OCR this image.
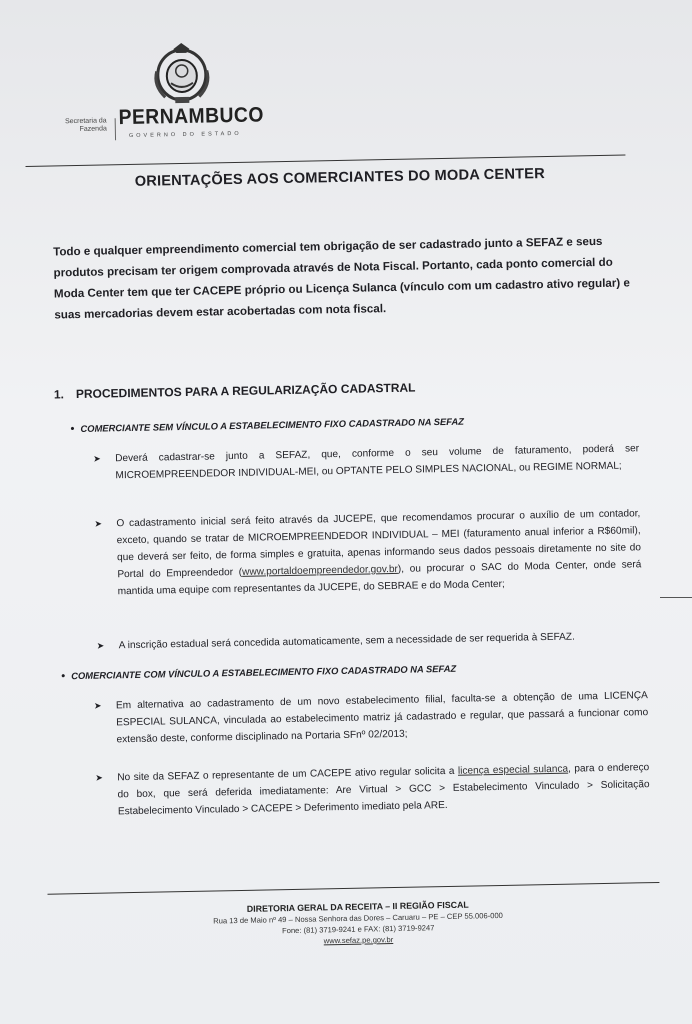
Secretaria da Fazenda PERNAMBUCO
GOVERNO DO ESTADO
ORIENTAÇÕES AOS COMERCIANTES DO MODA CENTER
Todo e qualquer empreendimento comercial tem obrigação de ser cadastrado junto a SEFAZ e seus produtos precisam ter origem comprovada através de Nota Fiscal. Portanto, cada ponto comercial do Moda Center tem que ter CACEPE próprio ou Licença Sulanca (vínculo com um cadastro ativo regular) e suas mercadorias devem estar acobertadas com nota fiscal.
1. PROCEDIMENTOS PARA A REGULARIZAÇÃO CADASTRAL
• COMERCIANTE SEM VÍNCULO A ESTABELECIMENTO FIXO CADASTRADO NA SEFAZ
➤ Deverá cadastrar-se junto a SEFAZ, que, conforme o seu volume de faturamento, poderá ser MICROEMPREENDEDOR INDIVIDUAL-MEI, ou OPTANTE PELO SIMPLES NACIONAL, ou REGIME NORMAL;
➤ O cadastramento inicial será feito através da JUCEPE, que recomendamos procurar o auxílio de um contador, exceto, quando se tratar de MICROEMPREENDEDOR INDIVIDUAL – MEI (faturamento anual inferior a R$60mil), que deverá ser feito, de forma simples e gratuita, apenas informando seus dados pessoais diretamente no site do Portal do Empreendedor (www.portaldoempreendedor.gov.br), ou procurar o SAC do Moda Center, onde será mantida uma equipe com representantes da JUCEPE, do SEBRAE e do Moda Center;
➤ A inscrição estadual será concedida automaticamente, sem a necessidade de ser requerida à SEFAZ.
• COMERCIANTE COM VÍNCULO A ESTABELECIMENTO FIXO CADASTRADO NA SEFAZ
➤ Em alternativa ao cadastramento de um novo estabelecimento filial, faculta-se a obtenção de uma LICENÇA ESPECIAL SULANCA, vinculada ao estabelecimento matriz já cadastrado e regular, que passará a funcionar como extensão deste, conforme disciplinado na Portaria SFnº 02/2013;
➤ No site da SEFAZ o representante de um CACEPE ativo regular solicita a licença especial sulanca, para o endereço do box, que será deferida imediatamente: Are Virtual > GCC > Estabelecimento Vinculado > Solicitação Estabelecimento Vinculado > CACEPE > Deferimento imediato pela ARE.
DIRETORIA GERAL DA RECEITA – II REGIÃO FISCAL
Rua 13 de Maio nº 49 – Nossa Senhora das Dores – Caruaru – PE – CEP 55.006-000
Fone: (81) 3719-9241 e FAX: (81) 3719-9247
www.sefaz.pe.gov.br
